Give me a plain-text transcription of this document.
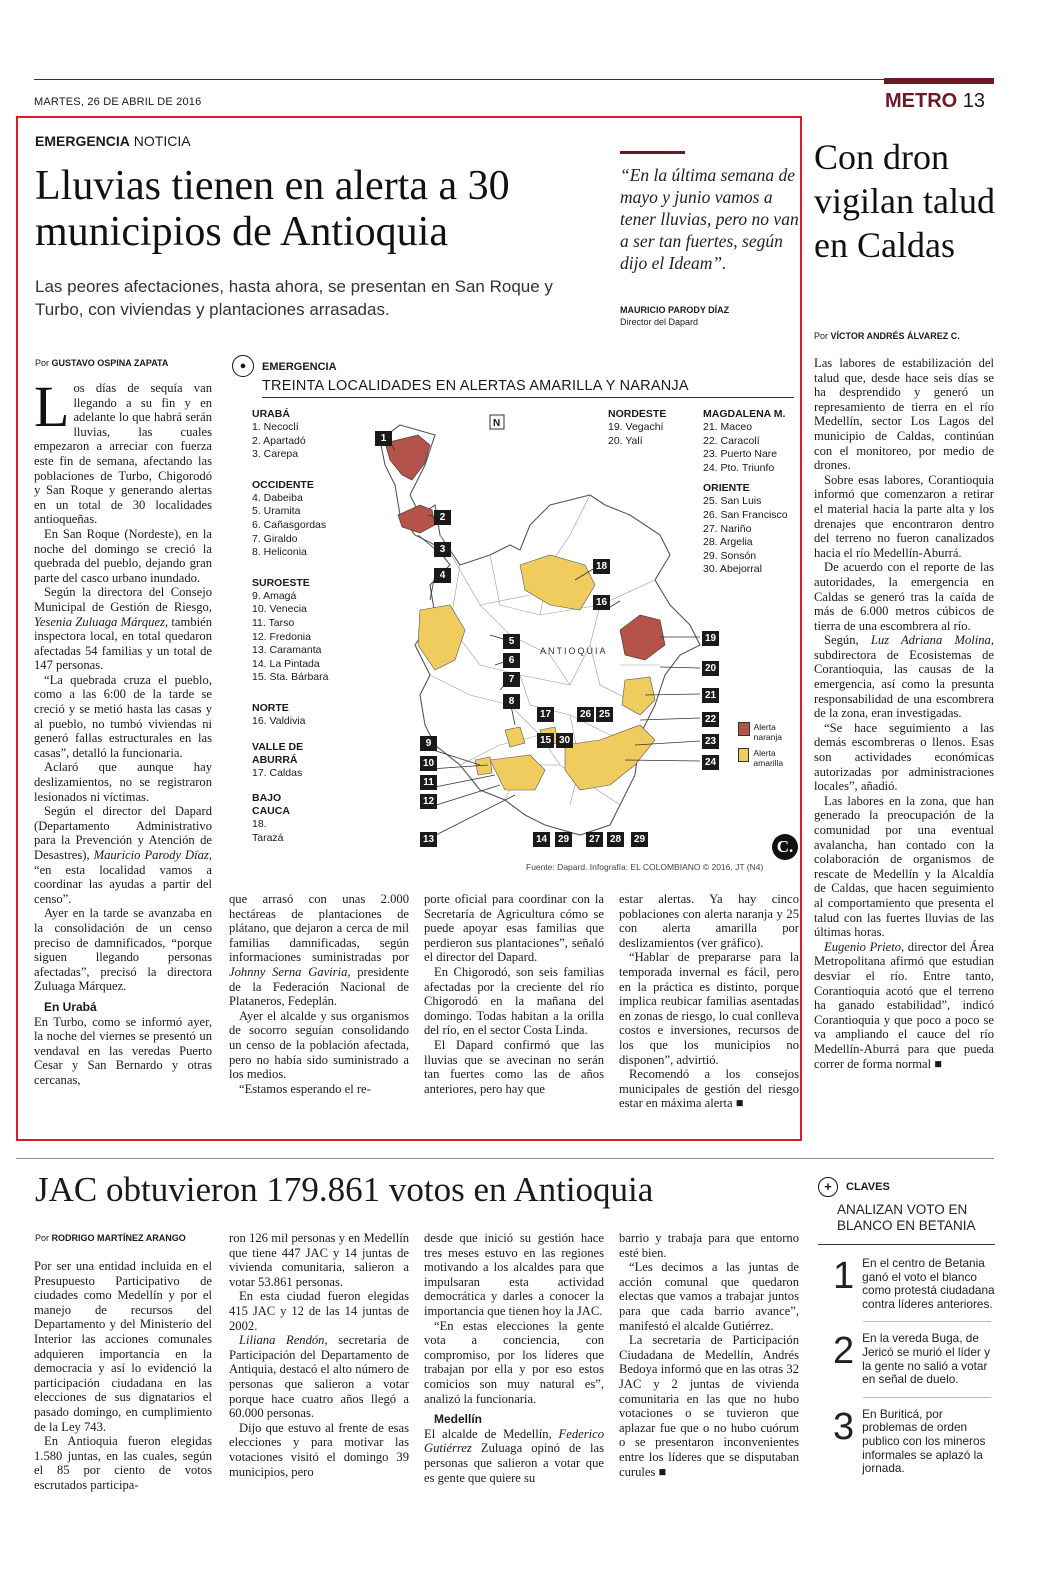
MARTES, 26 DE ABRIL DE 2016	METRO 13
EMERGENCIA NOTICIA
Lluvias tienen en alerta a 30 municipios de Antioquia
Las peores afectaciones, hasta ahora, se presentan en San Roque y Turbo, con viviendas y plantaciones arrasadas.
“En la última semana de mayo y junio vamos a tener lluvias, pero no van a ser tan fuertes, según dijo el Ideam”.
MAURICIO PARODY DÍAZ
Director del Dapard
Por GUSTAVO OSPINA ZAPATA

Los días de sequía van llegando a su fin y en adelante lo que habrá serán lluvias, las cuales empezaron a arreciar con fuerza este fin de semana, afectando las poblaciones de Turbo, Chigorodó y San Roque y generando alertas en un total de 30 localidades antioqueñas.

En San Roque (Nordeste), en la noche del domingo se creció la quebrada del pueblo, dejando gran parte del casco urbano inundado.

Según la directora del Consejo Municipal de Gestión de Riesgo, Yesenia Zuluaga Márquez, también inspectora local, en total quedaron afectadas 54 familias y un total de 147 personas.

“La quebrada cruza el pueblo, como a las 6:00 de la tarde se creció y se metió hasta las casas y al pueblo, no tumbó viviendas ni generó fallas estructurales en las casas”, detalló la funcionaria.

Aclaró que aunque hay deslizamientos, no se registraron lesionados ni víctimas.

Según el director del Dapard (Departamento Administrativo para la Prevención y Atención de Desastres), Mauricio Parody Díaz, “en esta localidad vamos a coordinar las ayudas a partir del censo”.

Ayer en la tarde se avanzaba en la consolidación de un censo preciso de damnificados, “porque siguen llegando personas afectadas”, precisó la directora Zuluaga Márquez.

En Urabá

En Turbo, como se informó ayer, la noche del viernes se presentó un vendaval en las veredas Puerto Cesar y San Bernardo y otras cercanas,

●	EMERGENCIA
TREINTA LOCALIDADES EN ALERTAS AMARILLA Y NARANJA
URABÁ
1. Necoclí
2. Apartadó
3. Carepa
OCCIDENTE
4. Dabeiba
5. Uramita
6. Cañasgordas
7. Giraldo
8. Heliconia
SUROESTE
9. Amagá
10. Venecia
11. Tarso
12. Fredonia
13. Caramanta
14. La Pintada
15. Sta. Bárbara
NORTE
16. Valdivia
VALLE DE ABURRÁ
17. Caldas
BAJO CAUCA
18. Tarazá
NORDESTE
19. Vegachí
20. Yalí
MAGDALENA M.
21. Maceo
22. Caracolí
23. Puerto Nare
24. Pto. Triunfo
ORIENTE
25. San Luis
26. San Francisco
27. Nariño
28. Argelia
29. Sonsón
30. Abejorral
ANTIOQUIA
N
1
2
3
4
5
6
7
8
9
10
11
12
13	14
15
16
17
18
19
20
21
22
23
24
25
26
27 28
29	29
30
Alerta naranja
Alerta amarilla
Fuente: Dapard. Infografía: EL COLOMBIANO © 2016. JT (N4)
C.

que arrasó con unas 2.000 hectáreas de plantaciones de plátano, que dejaron a cerca de mil familias damnificadas, según informaciones suministradas por Johnny Serna Gaviria, presidente de la Federación Nacional de Plataneros, Fedeplán.

Ayer el alcalde y sus organismos de socorro seguían consolidando un censo de la población afectada, pero no había sido suministrado a los medios.

“Estamos esperando el re-

porte oficial para coordinar con la Secretaría de Agricultura cómo se puede apoyar esas familias que perdieron sus plantaciones”, señaló el director del Dapard.

En Chigorodó, son seis familias afectadas por la creciente del río Chigorodó en la mañana del domingo. Todas habitan a la orilla del río, en el sector Costa Linda.

El Dapard confirmó que las lluvias que se avecinan no serán tan fuertes como las de años anteriores, pero hay que

estar alertas. Ya hay cinco poblaciones con alerta naranja y 25 con alerta amarilla por deslizamientos (ver gráfico).

“Hablar de prepararse para la temporada invernal es fácil, pero en la práctica es distinto, porque implica reubicar familias asentadas en zonas de riesgo, lo cual conlleva costos e inversiones, recursos de los que los municipios no disponen”, advirtió.

Recomendó a los consejos municipales de gestión del riesgo estar en máxima alerta ■

Con dron vigilan talud en Caldas
Por VÍCTOR ANDRÉS ÁLVAREZ C.

Las labores de estabilización del talud que, desde hace seis días se ha desprendido y generó un represamiento de tierra en el río Medellín, sector Los Lagos del municipio de Caldas, continúan con el monitoreo, por medio de drones.

Sobre esas labores, Corantioquia informó que comenzaron a retirar el material hacia la parte alta y los drenajes que encontraron dentro del terreno no fueron canalizados hacia el río Medellín-Aburrá.

De acuerdo con el reporte de las autoridades, la emergencia en Caldas se generó tras la caída de más de 6.000 metros cúbicos de tierra de una escombrera al río.

Según, Luz Adriana Molina, subdirectora de Ecosistemas de Corantioquia, las causas de la emergencia, así como la presunta responsabilidad de una escombrera de la zona, eran investigadas.

“Se hace seguimiento a las demás escombreras o llenos. Esas son actividades económicas autorizadas por administraciones locales”, añadió.

Las labores en la zona, que han generado la preocupación de la comunidad por una eventual avalancha, han contado con la colaboración de organismos de rescate de Medellín y la Alcaldía de Caldas, que hacen seguimiento al comportamiento que presenta el talud con las fuertes lluvias de las últimas horas.

Eugenio Prieto, director del Área Metropolitana afirmó que estudian desviar el río. Entre tanto, Corantioquia acotó que el terreno ha ganado estabilidad”, indicó Corantioquia y que poco a poco se va ampliando el cauce del río Medellín-Aburrá para que pueda correr de forma normal ■

JAC obtuvieron 179.861 votos en Antioquia
Por RODRIGO MARTÍNEZ ARANGO

Por ser una entidad incluida en el Presupuesto Participativo de ciudades como Medellín y por el manejo de recursos del Departamento y del Ministerio del Interior las acciones comunales adquieren importancia en la democracia y así lo evidenció la participación ciudadana en las elecciones de sus dignatarios el pasado domingo, en cumplimiento de la Ley 743.

En Antioquia fueron elegidas 1.580 juntas, en las cuales, según el 85 por ciento de votos escrutados participa-

ron 126 mil personas y en Medellín que tiene 447 JAC y 14 juntas de vivienda comunitaria, salieron a votar 53.861 personas.

En esta ciudad fueron elegidas 415 JAC y 12 de las 14 juntas de 2002.

Liliana Rendón, secretaria de Participación del Departamento de Antiquia, destacó el alto número de personas que salieron a votar porque hace cuatro años llegó a 60.000 personas.

Dijo que estuvo al frente de esas elecciones y para motivar las votaciones visitó el domingo 39 municipios, pero

desde que inició su gestión hace tres meses estuvo en las regiones motivando a los alcaldes para que impulsaran esta actividad democrática y darles a conocer la importancia que tienen hoy la JAC.

“En estas elecciones la gente vota a conciencia, con compromiso, por los líderes que trabajan por ella y por eso estos comicios son muy natural es”, analizó la funcionaria.

Medellín

El alcalde de Medellín, Federico Gutiérrez Zuluaga opinó de las personas que salieron a votar que es gente que quiere su

barrio y trabaja para que entorno esté bien.

“Les decimos a las juntas de acción comunal que quedaron electas que vamos a trabajar juntos para que cada barrio avance”, manifestó el alcalde Gutiérrez.

La secretaria de Participación Ciudadana de Medellín, Andrés Bedoya informó que en las otras 32 JAC y 2 juntas de vivienda comunitaria en las que no hubo votaciones o se tuvieron que aplazar fue que o no hubo cuórum o se presentaron inconvenientes entre los líderes que se disputaban curules ■

+	CLAVES
ANALIZAN VOTO EN BLANCO EN BETANIA
1 En el centro de Betania ganó el voto el blanco como protestá ciudadana contra líderes anteriores.
2 En la vereda Buga, de Jericó se murió el líder y la gente no salió a votar en señal de duelo.
3 En Buriticá, por problemas de orden publico con los mineros informales se aplazó la jornada.
